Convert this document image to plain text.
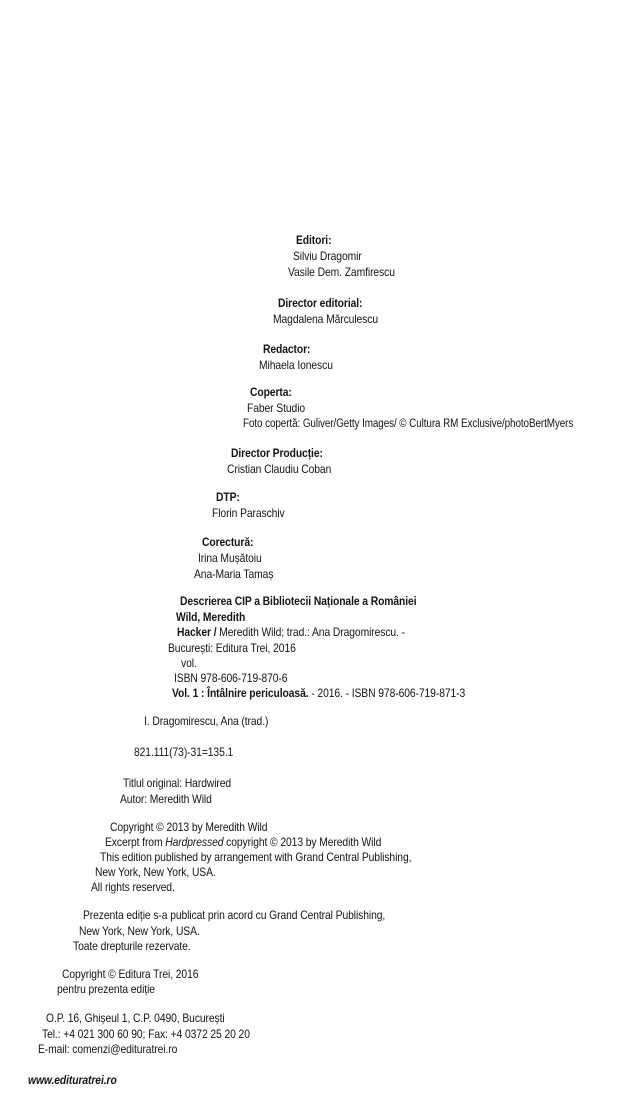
Editori:
Silviu Dragomir
Vasile Dem. Zamfirescu
Director editorial:
Magdalena Mărculescu
Redactor:
Mihaela Ionescu
Coperta:
Faber Studio
Foto copertă: Guliver/Getty Images/ © Cultura RM Exclusive/photoBertMyers
Director Producție:
Cristian Claudiu Coban
DTP:
Florin Paraschiv
Corectură:
Irina Mușătoiu
Ana-Maria Tamaș
Descrierea CIP a Bibliotecii Naționale a României
Wild, Meredith
Hacker / Meredith Wild; trad.: Ana Dragomirescu. -
București: Editura Trei, 2016
vol.
ISBN 978-606-719-870-6
Vol. 1 : Întâlnire periculoasă. - 2016. - ISBN 978-606-719-871-3
I. Dragomirescu, Ana (trad.)
821.111(73)-31=135.1
Titlul original: Hardwired
Autor: Meredith Wild
Copyright © 2013 by Meredith Wild
Excerpt from Hardpressed copyright © 2013 by Meredith Wild
This edition published by arrangement with Grand Central Publishing,
New York, New York, USA.
All rights reserved.
Prezenta ediție s-a publicat prin acord cu Grand Central Publishing,
New York, New York, USA.
Toate drepturile rezervate.
Copyright © Editura Trei, 2016
pentru prezenta ediție
O.P. 16, Ghișeul 1, C.P. 0490, București
Tel.: +4 021 300 60 90; Fax: +4 0372 25 20 20
E-mail: comenzi@edituratrei.ro
www.edituratrei.ro
